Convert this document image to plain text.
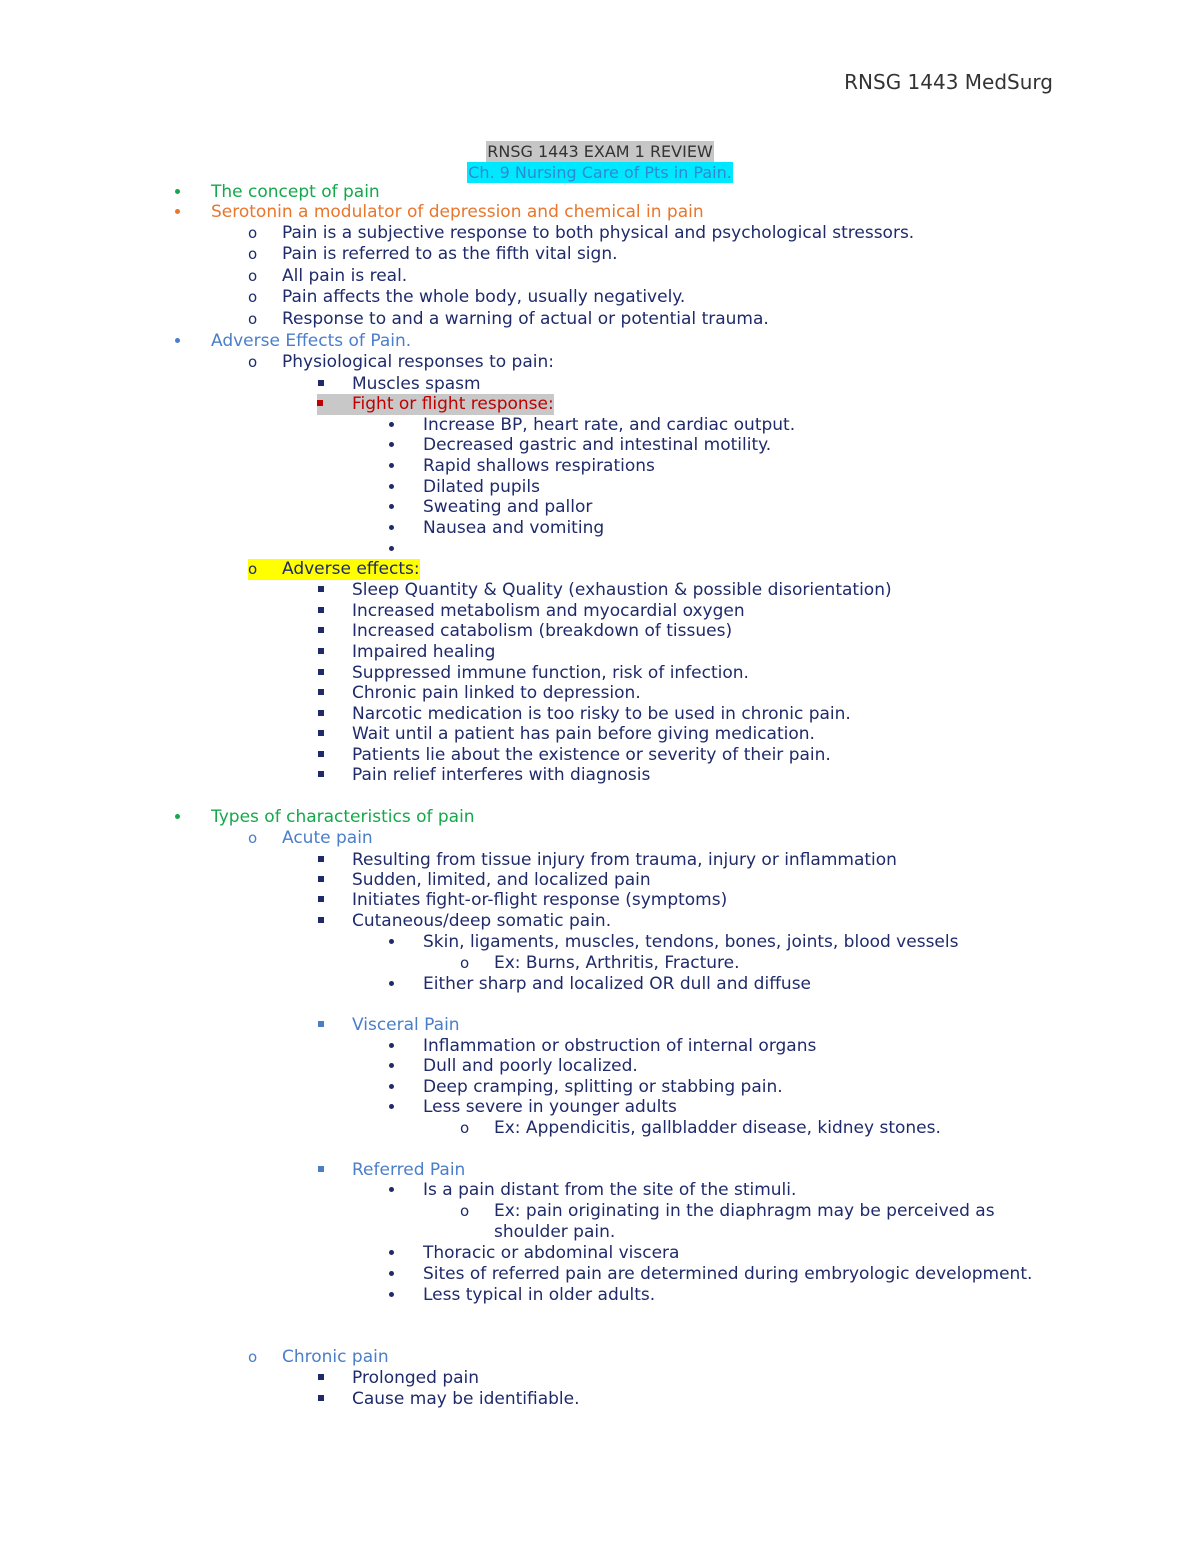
RNSG 1443 MedSurg
RNSG 1443 EXAM 1 REVIEW
Ch. 9 Nursing Care of Pts in Pain.
The concept of pain
Serotonin a modulator of depression and chemical in pain
o Pain is a subjective response to both physical and psychological stressors.
o Pain is referred to as the fifth vital sign.
o All pain is real.
o Pain affects the whole body, usually negatively.
o Response to and a warning of actual or potential trauma.
Adverse Effects of Pain.
o Physiological responses to pain:
Muscles spasm
Fight or flight response:
Increase BP, heart rate, and cardiac output.
Decreased gastric and intestinal motility.
Rapid shallows respirations
Dilated pupils
Sweating and pallor
Nausea and vomiting
o	Adverse effects:
Sleep Quantity & Quality (exhaustion & possible disorientation)
Increased metabolism and myocardial oxygen
Increased catabolism (breakdown of tissues)
Impaired healing
Suppressed immune function, risk of infection.
Chronic pain linked to depression.
Narcotic medication is too risky to be used in chronic pain.
Wait until a patient has pain before giving medication.
Patients lie about the existence or severity of their pain.
Pain relief interferes with diagnosis
Types of characteristics of pain
o Acute pain
Resulting from tissue injury from trauma, injury or inflammation
Sudden, limited, and localized pain
Initiates fight-or-flight response (symptoms)
Cutaneous/deep somatic pain.
Skin, ligaments, muscles, tendons, bones, joints, blood vessels
o Ex: Burns, Arthritis, Fracture.
Either sharp and localized OR dull and diffuse
Visceral Pain
Inflammation or obstruction of internal organs
Dull and poorly localized.
Deep cramping, splitting or stabbing pain.
Less severe in younger adults
o Ex: Appendicitis, gallbladder disease, kidney stones.
Referred Pain
Is a pain distant from the site of the stimuli.
o Ex: pain originating in the diaphragm may be perceived as
shoulder pain.
Thoracic or abdominal viscera
Sites of referred pain are determined during embryologic development.
Less typical in older adults.
o Chronic pain
Prolonged pain
Cause may be identifiable.
